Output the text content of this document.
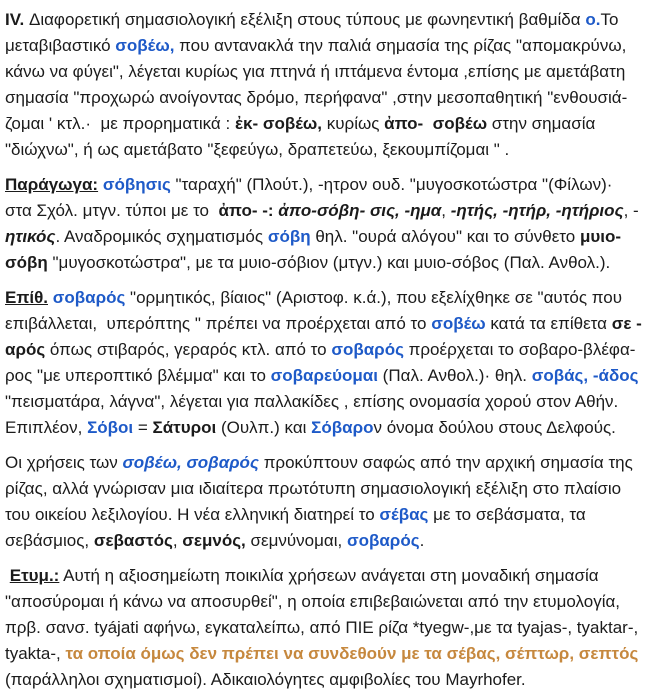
IV. Διαφορετική σημασιολογική εξέλιξη στους τύπους με φωνηεντική βαθμίδα ο.Το
μεταβιβαστικό σοβέω, που αντανακλά την παλιά σημασία της ρίζας "απομακρύνω,
κάνω να φύγει", λέγεται κυρίως για πτηνά ή ιπτάμενα έντομα ,επίσης με αμετάβατη
σημασία "προχωρώ ανοίγοντας δρόμο, περήφανα" ,στην μεσοπαθητική "ενθουσιά-
ζομαι ' κτλ.·  με προρηματικά : ἐκ- σοβέω, κυρίως ἀπο-  σοβέω στην σημασία
"διώχνω", ή ως αμετάβατο "ξεφεύγω, δραπετεύω, ξεκουμπίζομαι " .
Παράγωγα: σόβησις "ταραχή" (Πλούτ.), -ητρον ουδ. "μυγοσκοτώστρα "(Φίλων)·
στα Σχόλ. μτγν. τύποι με το  ἀπο- -: ἀπο-σόβη- σις, -ημα, -ητής, -ητήρ, -ητήριος, -
ητικός. Αναδρομικός σχηματισμός σόβη θηλ. "ουρά αλόγου" και το σύνθετο μυιο-
σόβη "μυγοσκοτώστρα", με τα μυιο-σόβιον (μτγν.) και μυιο-σόβος (Παλ. Ανθολ.).
Επίθ. σοβαρός "ορμητικός, βίαιος" (Αριστοφ. κ.ά.), που εξελίχθηκε σε "αυτός που
επιβάλλεται,  υπερόπτης " πρέπει να προέρχεται από το σοβέω κατά τα επίθετα σε -
αρός όπως στιβαρός, γεραρός κτλ. από το σοβαρός προέρχεται το σοβαρο-βλέφα-
ρος "με υπεροπτικό βλέμμα" και το σοβαρεύομαι (Παλ. Ανθολ.)· θηλ. σοβάς, -άδος
"πεισματάρα, λάγνα", λέγεται για παλλακίδες , επίσης ονομασία χορού στον Αθήν.
Επιπλέον, Σόβοι = Σάτυροι (Ουλπ.) και Σόβαρον όνομα δούλου στους Δελφούς.
Οι χρήσεις των σοβέω, σοβαρός προκύπτουν σαφώς από την αρχική σημασία της
ρίζας, αλλά γνώρισαν μια ιδιαίτερα πρωτότυπη σημασιολογική εξέλιξη στο πλαίσιο
του οικείου λεξιλογίου. Η νέα ελληνική διατηρεί το σέβας με το σεβάσματα, τα
σεβάσμιος, σεβαστός, σεμνός, σεμνύνομαι, σοβαρός.
Ετυμ.: Αυτή η αξιοσημείωτη ποικιλία χρήσεων ανάγεται στη μοναδική σημασία
"αποσύρομαι ή κάνω να αποσυρθεί", η οποία επιβεβαιώνεται από την ετυμολογία,
πρβ. σανσ. tyájati αφήνω, εγκαταλείπω, από ΠΙΕ ρίζα *tyegw-,με τα tyajas-, tyaktar-,
tyakta-, τα οποία όμως δεν πρέπει να συνδεθούν με τα σέβας, σέπτωρ, σεπτός
(παράλληλοι σχηματισμοί). Αδικαιολόγητες αμφιβολίες του Mayrhofer.
